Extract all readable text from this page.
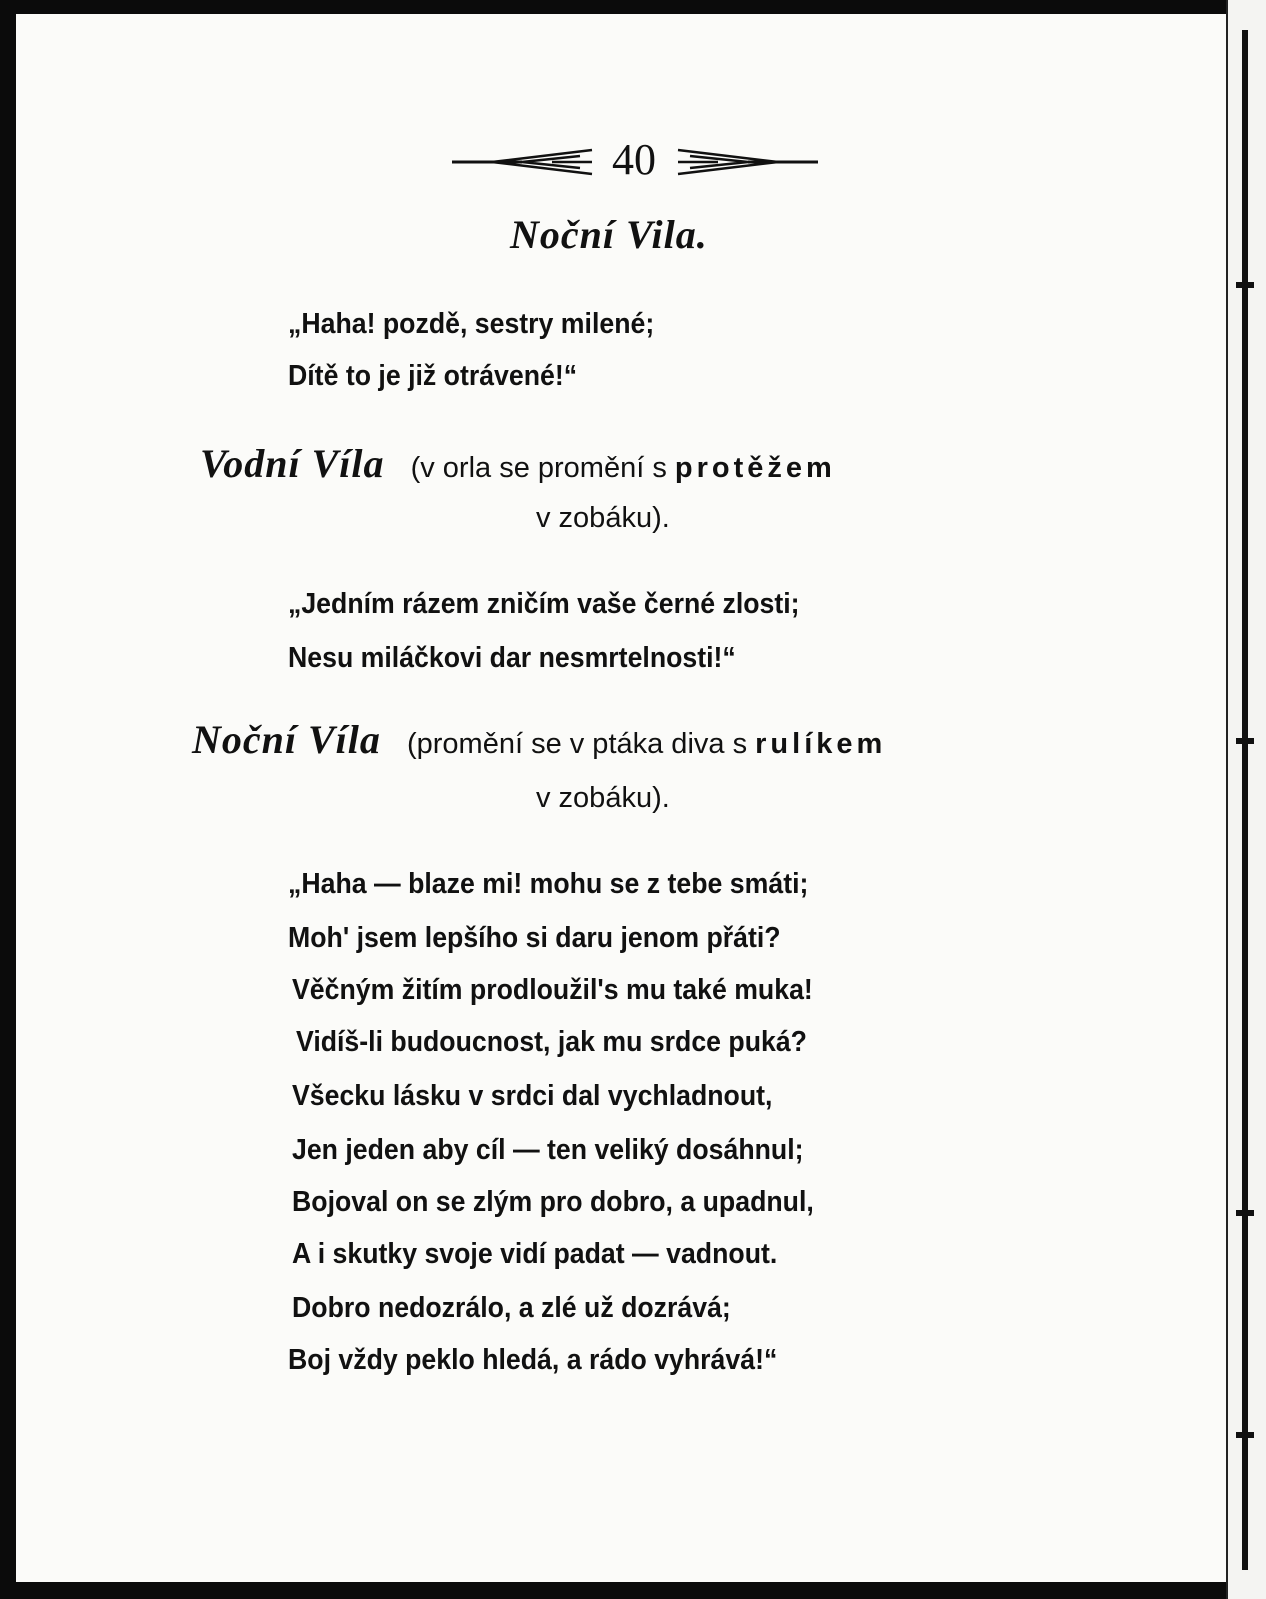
40
Noční Vila.
„Haha! pozdě, sestry milené;
Dítě to je již otrávené!“
Vodní Víla (v orla se promění s protěžem
v zobáku).
„Jedním rázem zničím vaše černé zlosti;
Nesu miláčkovi dar nesmrtelnosti!“
Noční Víla (promění se v ptáka diva s rulíkem
v zobáku).
„Haha — blaze mi! mohu se z tebe smáti;
Moh' jsem lepšího si daru jenom přáti?
Věčným žitím prodloužil's mu také muka!
Vidíš-li budoucnost, jak mu srdce puká?
Všecku lásku v srdci dal vychladnout,
Jen jeden aby cíl — ten veliký dosáhnul;
Bojoval on se zlým pro dobro, a upadnul,
A i skutky svoje vidí padat — vadnout.
Dobro nedozrálo, a zlé už dozrává;
Boj vždy peklo hledá, a rádo vyhrává!“
